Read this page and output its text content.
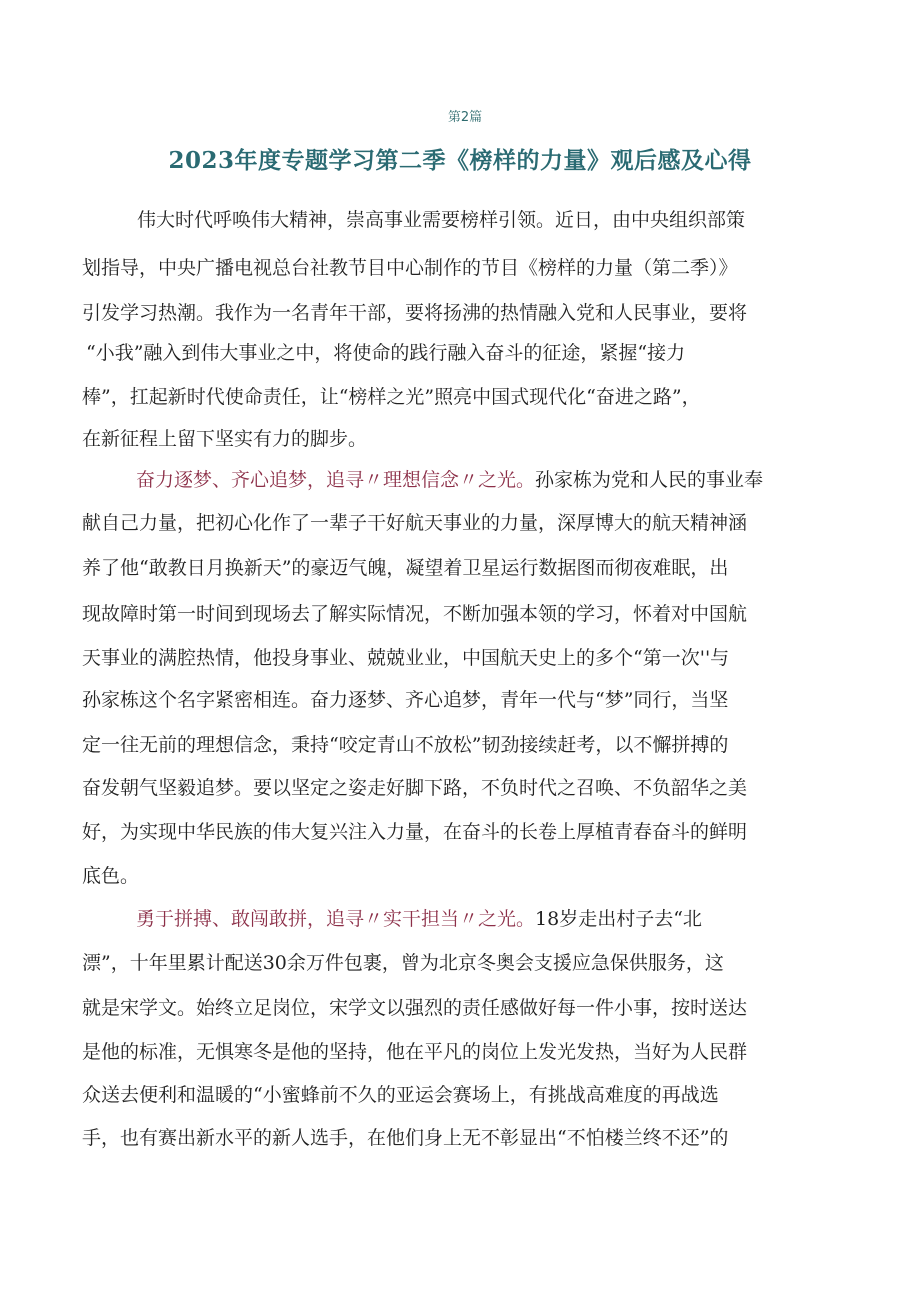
第2篇
2023年度专题学习第二季《榜样的力量》观后感及心得
伟大时代呼唤伟大精神，崇高事业需要榜样引领。近日，由中央组织部策
划指导，中央广播电视总台社教节目中心制作的节目《榜样的力量（第二季）》
引发学习热潮。我作为一名青年干部，要将扬沸的热情融入党和人民事业，要将
“小我”融入到伟大事业之中，将使命的践行融入奋斗的征途，紧握“接力
棒”，扛起新时代使命责任，让“榜样之光”照亮中国式现代化“奋进之路”，
在新征程上留下坚实有力的脚步。
奋力逐梦、齐心追梦，追寻〃理想信念〃之光。孙家栋为党和人民的事业奉
献自己力量，把初心化作了一辈子干好航天事业的力量，深厚博大的航天精神涵
养了他“敢教日月换新天”的豪迈气魄，凝望着卫星运行数据图而彻夜难眠，出
现故障时第一时间到现场去了解实际情况，不断加强本领的学习，怀着对中国航
天事业的满腔热情，他投身事业、兢兢业业，中国航天史上的多个“第一次''与
孙家栋这个名字紧密相连。奋力逐梦、齐心追梦，青年一代与“梦”同行，当坚
定一往无前的理想信念，秉持“咬定青山不放松”韧劲接续赶考，以不懈拼搏的
奋发朝气坚毅追梦。要以坚定之姿走好脚下路，不负时代之召唤、不负韶华之美
好，为实现中华民族的伟大复兴注入力量，在奋斗的长卷上厚植青春奋斗的鲜明
底色。
勇于拼搏、敢闯敢拼，追寻〃实干担当〃之光。18岁走出村子去“北
漂”，十年里累计配送30余万件包裹，曾为北京冬奥会支援应急保供服务，这
就是宋学文。始终立足岗位，宋学文以强烈的责任感做好每一件小事，按时送达
是他的标准，无惧寒冬是他的坚持，他在平凡的岗位上发光发热，当好为人民群
众送去便利和温暖的“小蜜蜂前不久的亚运会赛场上，有挑战高难度的再战选
手，也有赛出新水平的新人选手，在他们身上无不彰显出“不怕楼兰终不还”的
